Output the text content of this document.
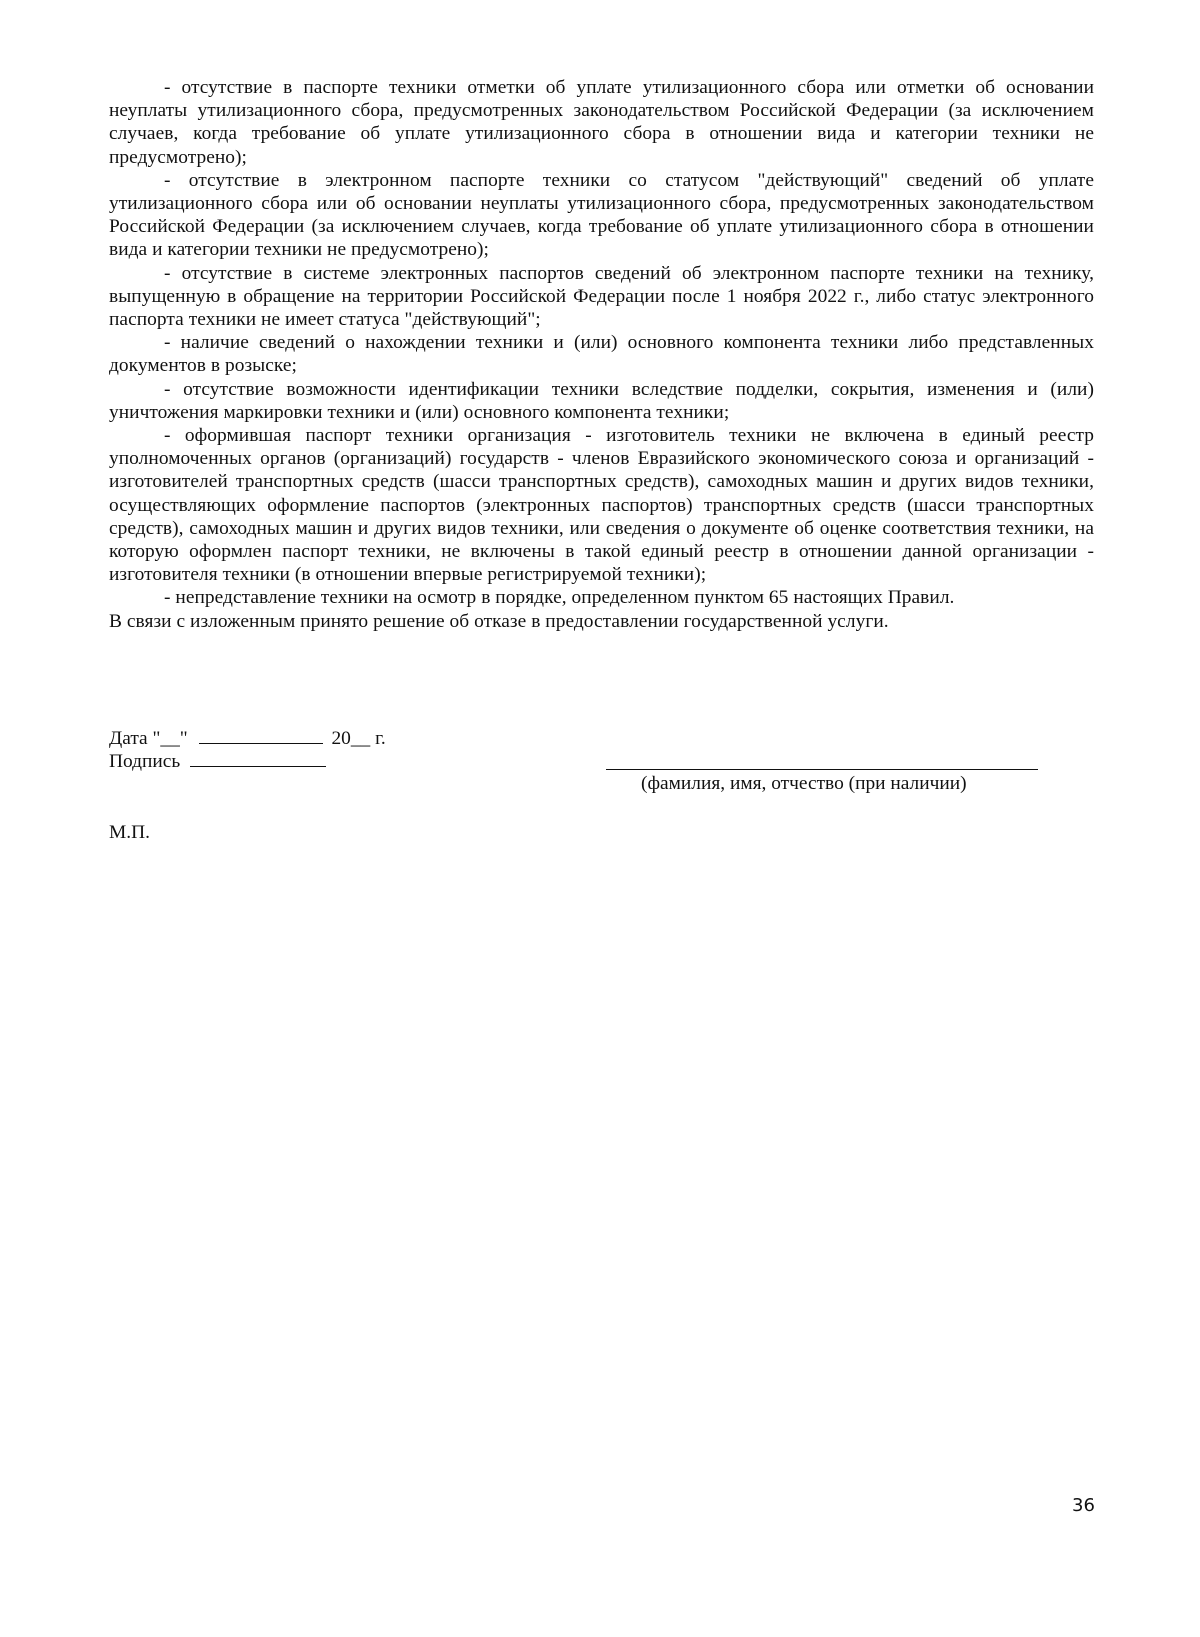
- отсутствие в паспорте техники отметки об уплате утилизационного сбора или отметки об основании неуплаты утилизационного сбора, предусмотренных законодательством Российской Федерации (за исключением случаев, когда требование об уплате утилизационного сбора в отношении вида и категории техники не предусмотрено);

- отсутствие в электронном паспорте техники со статусом "действующий" сведений об уплате утилизационного сбора или об основании неуплаты утилизационного сбора, предусмотренных законодательством Российской Федерации (за исключением случаев, когда требование об уплате утилизационного сбора в отношении вида и категории техники не предусмотрено);

- отсутствие в системе электронных паспортов сведений об электронном паспорте техники на технику, выпущенную в обращение на территории Российской Федерации после 1 ноября 2022 г., либо статус электронного паспорта техники не имеет статуса "действующий";

- наличие сведений о нахождении техники и (или) основного компонента техники либо представленных документов в розыске;

- отсутствие возможности идентификации техники вследствие подделки, сокрытия, изменения и (или) уничтожения маркировки техники и (или) основного компонента техники;

- оформившая паспорт техники организация - изготовитель техники не включена в единый реестр уполномоченных органов (организаций) государств - членов Евразийского экономического союза и организаций - изготовителей транспортных средств (шасси транспортных средств), самоходных машин и других видов техники, осуществляющих оформление паспортов (электронных паспортов) транспортных средств (шасси транспортных средств), самоходных машин и других видов техники, или сведения о документе об оценке соответствия техники, на которую оформлен паспорт техники, не включены в такой единый реестр в отношении данной организации - изготовителя техники (в отношении впервые регистрируемой техники);

- непредставление техники на осмотр в порядке, определенном пунктом 65 настоящих Правил.

В связи с изложенным принято решение об отказе в предоставлении государственной услуги.

Дата "__"	20__ г.
Подпись
(фамилия, имя, отчество (при наличии)
М.П.
36
